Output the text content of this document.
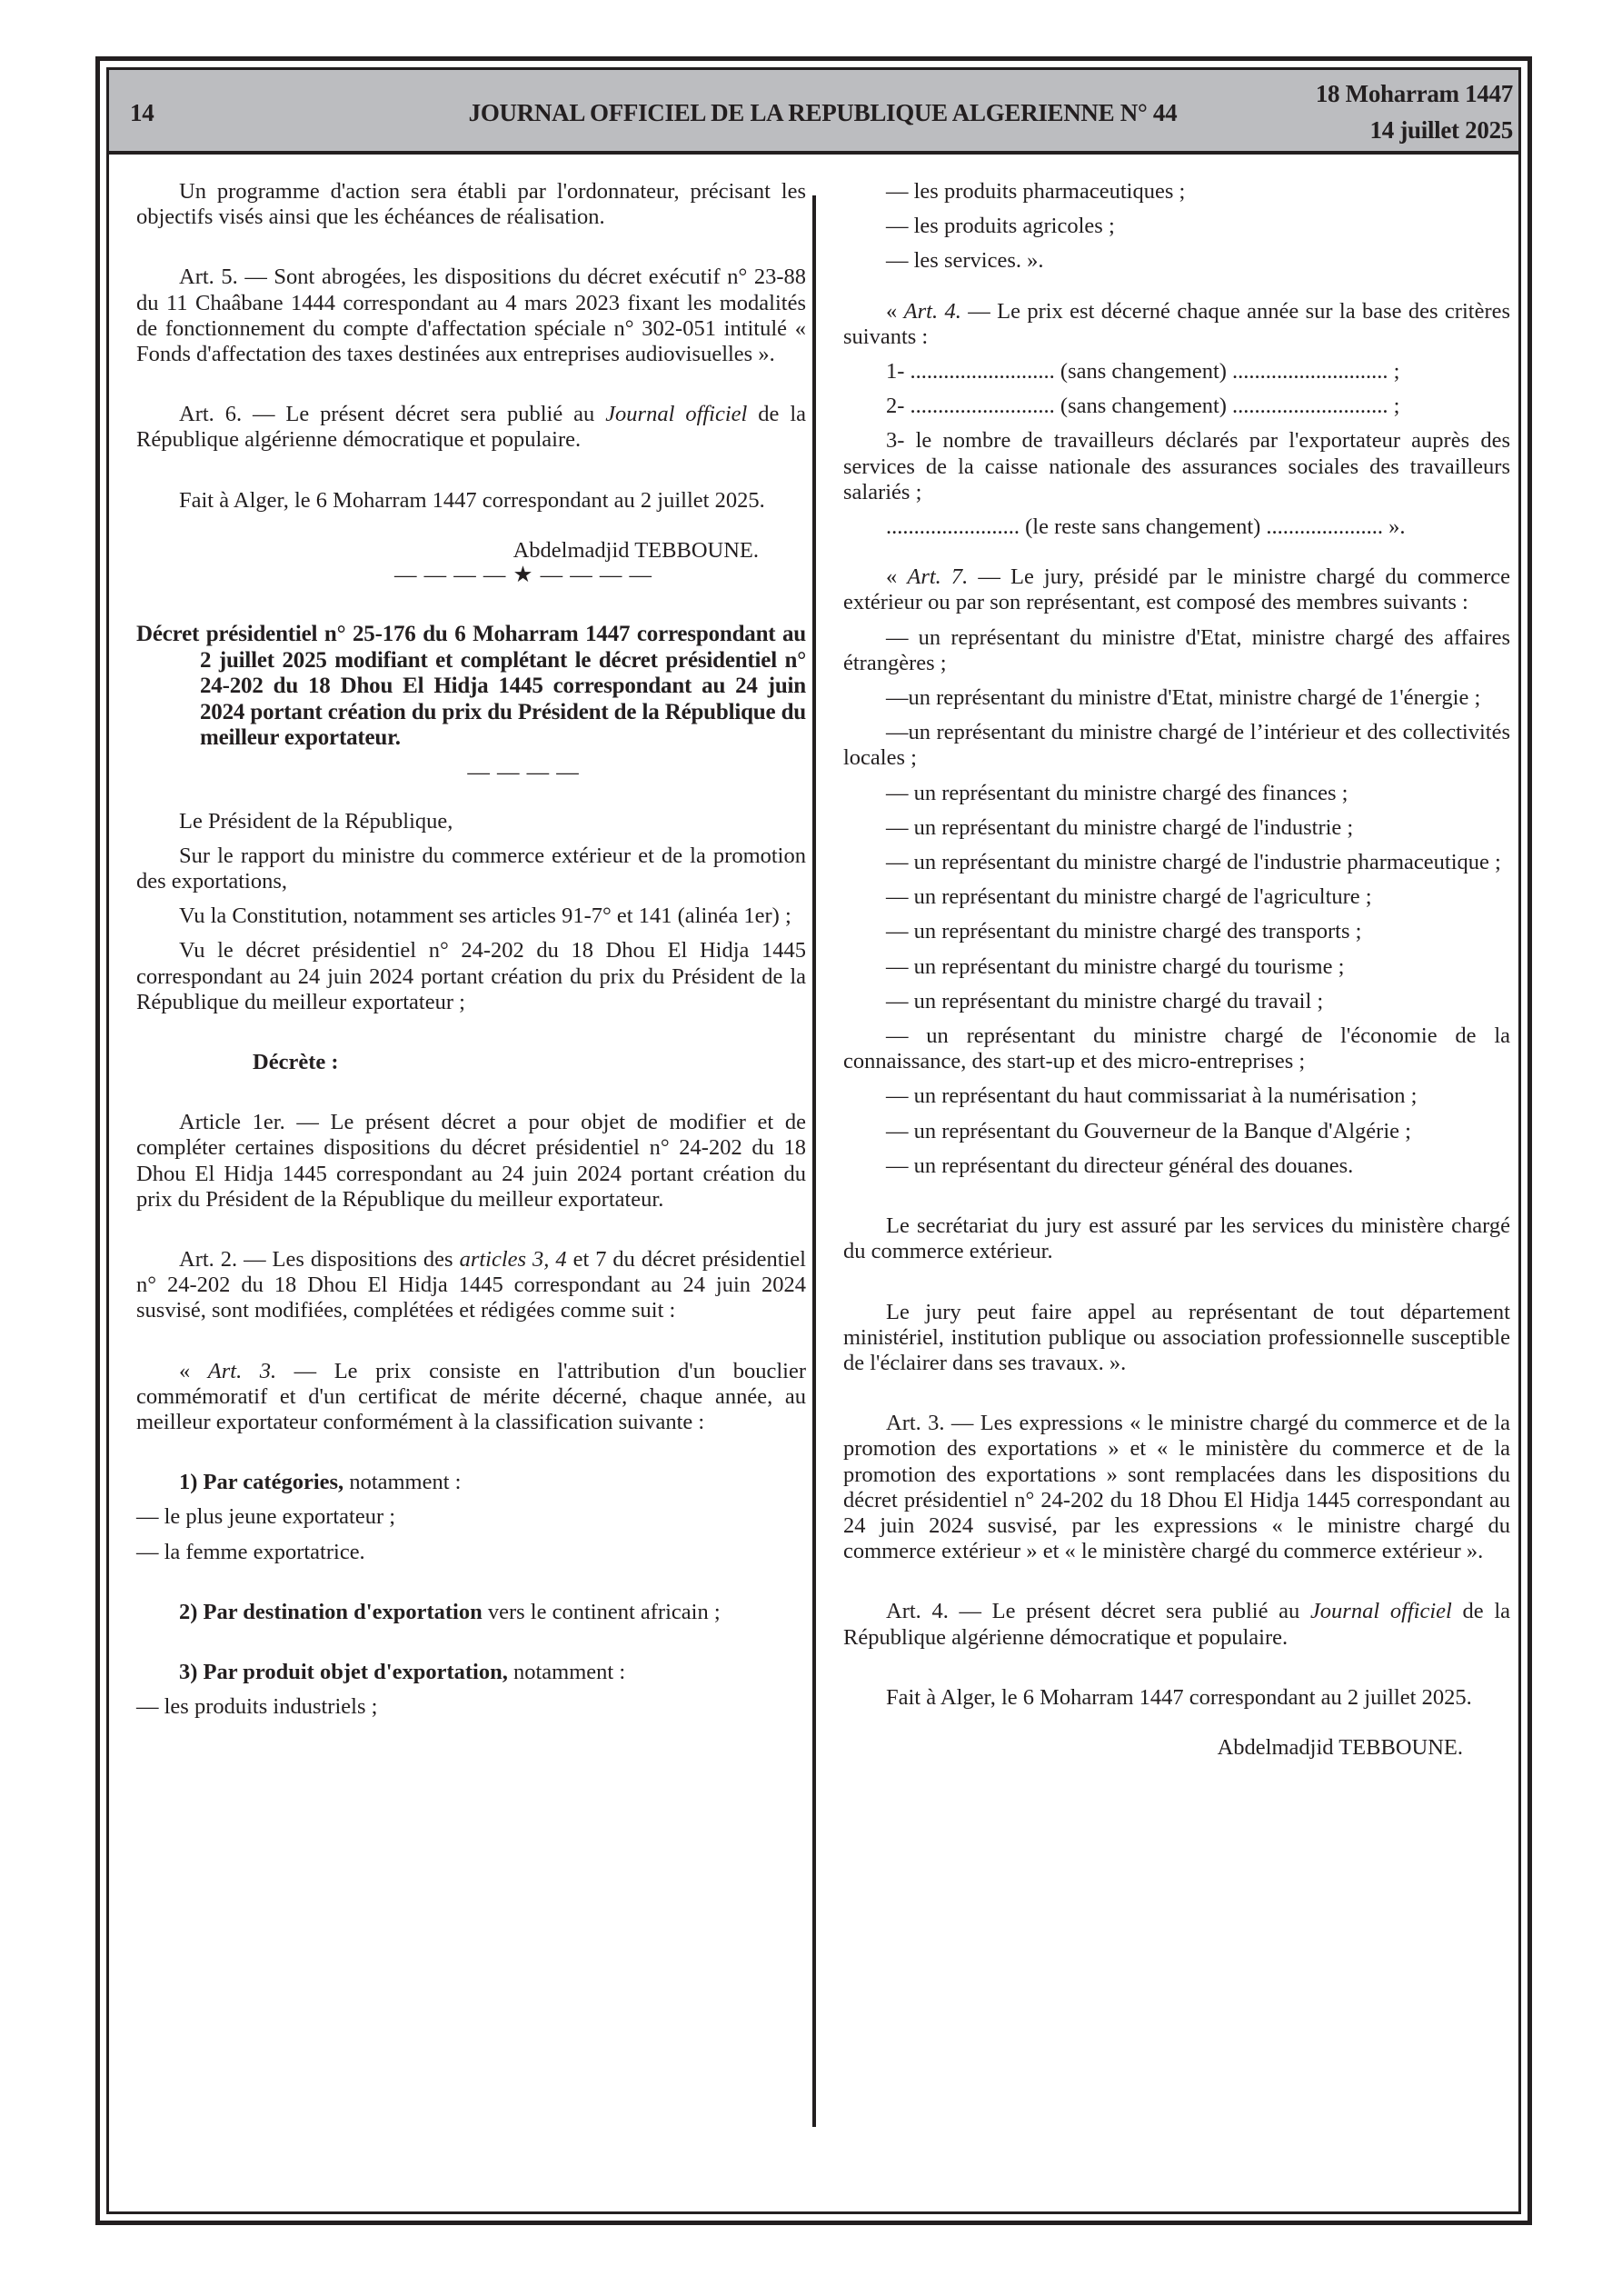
14	JOURNAL OFFICIEL DE LA REPUBLIQUE ALGERIENNE N° 44
18 Moharram 1447
14 juillet 2025

Un programme d'action sera établi par l'ordonnateur, précisant les objectifs visés ainsi que les échéances de réalisation.

Art. 5. — Sont abrogées, les dispositions du décret exécutif n° 23-88 du 11 Chaâbane 1444 correspondant au 4 mars 2023 fixant les modalités de fonctionnement du compte d'affectation spéciale n° 302-051 intitulé « Fonds d'affectation des taxes destinées aux entreprises audiovisuelles ».

Art. 6. — Le présent décret sera publié au Journal officiel de la République algérienne démocratique et populaire.

Fait à Alger, le 6 Moharram 1447 correspondant au 2 juillet 2025.

Abdelmadjid TEBBOUNE.

— — — — ★ — — — —

Décret présidentiel n° 25-176 du 6 Moharram 1447 correspondant au 2 juillet 2025 modifiant et complétant le décret présidentiel n° 24-202 du 18 Dhou El Hidja 1445 correspondant au 24 juin 2024 portant création du prix du Président de la République du meilleur exportateur.

— — — —

Le Président de la République,

Sur le rapport du ministre du commerce extérieur et de la promotion des exportations,

Vu la Constitution, notamment ses articles 91-7° et 141 (alinéa 1er) ;

Vu le décret présidentiel n° 24-202 du 18 Dhou El Hidja 1445 correspondant au 24 juin 2024 portant création du prix du Président de la République du meilleur exportateur ;

Décrète :

Article 1er. — Le présent décret a pour objet de modifier et de compléter certaines dispositions du décret présidentiel n° 24-202 du 18 Dhou El Hidja 1445 correspondant au 24 juin 2024 portant création du prix du Président de la République du meilleur exportateur.

Art. 2. — Les dispositions des articles 3, 4 et 7 du décret présidentiel n° 24-202 du 18 Dhou El Hidja 1445 correspondant au 24 juin 2024 susvisé, sont modifiées, complétées et rédigées comme suit :

« Art. 3. — Le prix consiste en l'attribution d'un bouclier commémoratif et d'un certificat de mérite décerné, chaque année, au meilleur exportateur conformément à la classification suivante :

1) Par catégories, notamment :

— le plus jeune exportateur ;

— la femme exportatrice.

2) Par destination d'exportation vers le continent africain ;

3) Par produit objet d'exportation, notamment :

— les produits industriels ;

— les produits pharmaceutiques ;

— les produits agricoles ;

— les services. ».

« Art. 4. — Le prix est décerné chaque année sur la base des critères suivants :

1- .......................... (sans changement) ............................ ;

2- .......................... (sans changement) ............................ ;

3- le nombre de travailleurs déclarés par l'exportateur auprès des services de la caisse nationale des assurances sociales des travailleurs salariés ;

........................ (le reste sans changement) ..................... ».

« Art. 7. — Le jury, présidé par le ministre chargé du commerce extérieur ou par son représentant, est composé des membres suivants :

— un représentant du ministre d'Etat, ministre chargé des affaires étrangères ;

—un représentant du ministre d'Etat, ministre chargé de 1'énergie ;

—un représentant du ministre chargé de l’intérieur et des collectivités locales ;

— un représentant du ministre chargé des finances ;

— un représentant du ministre chargé de l'industrie ;

— un représentant du ministre chargé de l'industrie pharmaceutique ;

— un représentant du ministre chargé de l'agriculture ;

— un représentant du ministre chargé des transports ;

— un représentant du ministre chargé du tourisme ;

— un représentant du ministre chargé du travail ;

— un représentant du ministre chargé de l'économie de la connaissance, des start-up et des micro-entreprises ;

— un représentant du haut commissariat à la numérisation ;

— un représentant du Gouverneur de la Banque d'Algérie ;

— un représentant du directeur général des douanes.

Le secrétariat du jury est assuré par les services du ministère chargé du commerce extérieur.

Le jury peut faire appel au représentant de tout département ministériel, institution publique ou association professionnelle susceptible de l'éclairer dans ses travaux. ».

Art. 3. — Les expressions « le ministre chargé du commerce et de la promotion des exportations » et « le ministère du commerce et de la promotion des exportations » sont remplacées dans les dispositions du décret présidentiel n° 24-202 du 18 Dhou El Hidja 1445 correspondant au 24 juin 2024 susvisé, par les expressions « le ministre chargé du commerce extérieur » et « le ministère chargé du commerce extérieur ».

Art. 4. — Le présent décret sera publié au Journal officiel de la République algérienne démocratique et populaire.

Fait à Alger, le 6 Moharram 1447 correspondant au 2 juillet 2025.

Abdelmadjid TEBBOUNE.
